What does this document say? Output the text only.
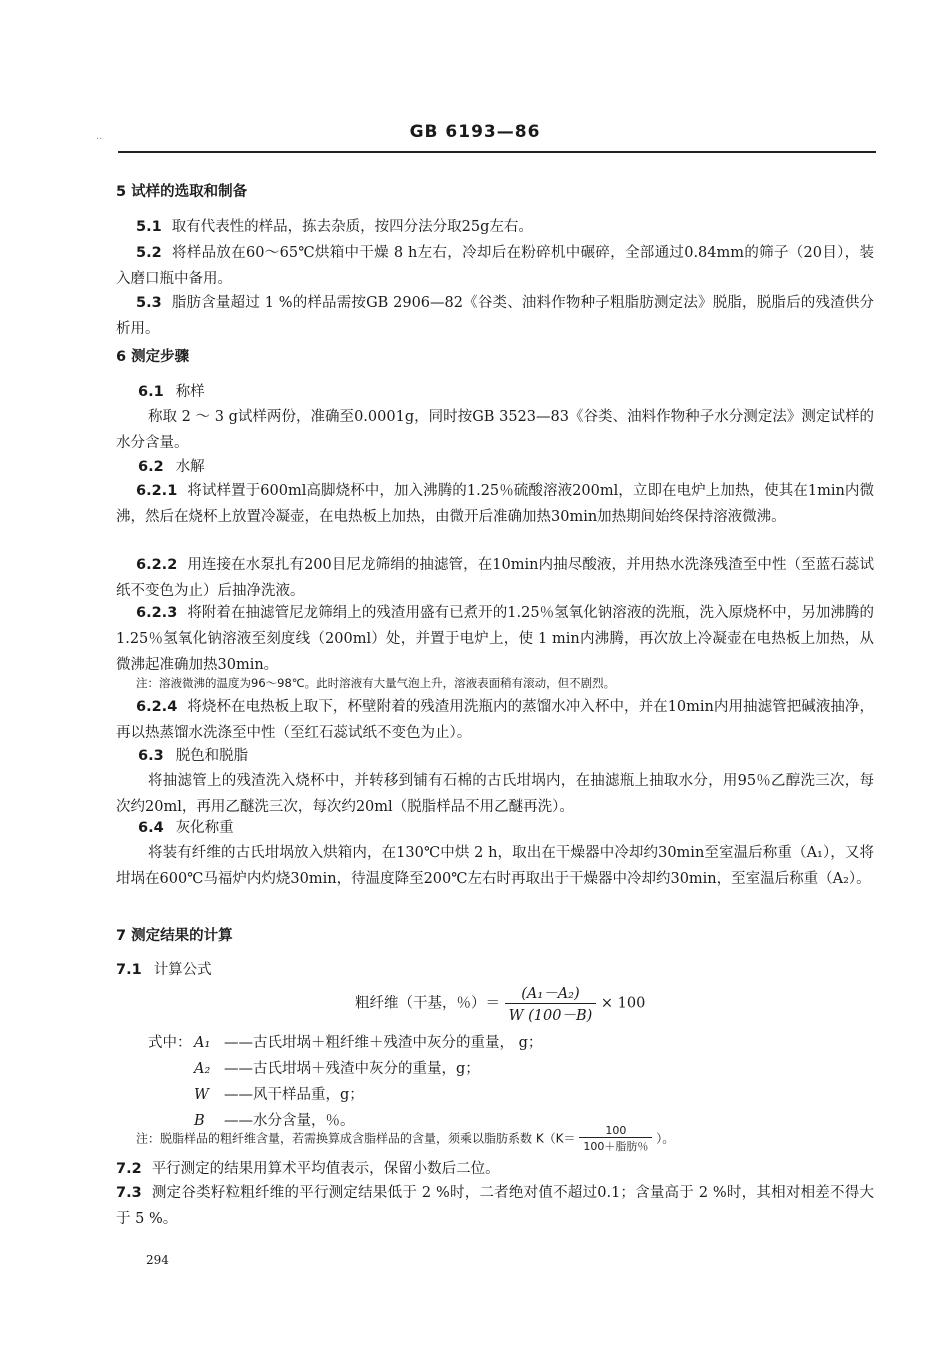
·‧	GB 6193—86
5 试样的选取和制备
5.1 取有代表性的样品，拣去杂质，按四分法分取25g左右。
5.2 将样品放在60～65℃烘箱中干燥 8 h左右，冷却后在粉碎机中碾碎，全部通过0.84mm的筛子（20目），装入磨口瓶中备用。
5.3 脂肪含量超过 1 %的样品需按GB 2906—82《谷类、油料作物种子粗脂肪测定法》脱脂，脱脂后的残渣供分析用。
6 测定步骤
6.1 称样
称取 2 ～ 3 g试样两份，准确至0.0001g，同时按GB 3523—83《谷类、油料作物种子水分测定法》测定试样的水分含量。
6.2 水解
6.2.1 将试样置于600ml高脚烧杯中，加入沸腾的1.25％硫酸溶液200ml，立即在电炉上加热，使其在1min内微沸，然后在烧杯上放置冷凝壶，在电热板上加热，由微开后准确加热30min加热期间始终保持溶液微沸。
6.2.2 用连接在水泵扎有200目尼龙筛绢的抽滤管，在10min内抽尽酸液，并用热水洗涤残渣至中性（至蓝石蕊试纸不变色为止）后抽净洗液。
6.2.3 将附着在抽滤管尼龙筛绢上的残渣用盛有已煮开的1.25％氢氧化钠溶液的洗瓶，洗入原烧杯中，另加沸腾的1.25％氢氧化钠溶液至刻度线（200ml）处，并置于电炉上，使 1 min内沸腾，再次放上冷凝壶在电热板上加热，从微沸起准确加热30min。
注：溶液微沸的温度为96～98℃。此时溶液有大量气泡上升，溶液表面稍有滚动，但不剧烈。
6.2.4 将烧杯在电热板上取下，杯壁附着的残渣用洗瓶内的蒸馏水冲入杯中，并在10min内用抽滤管把碱液抽净，再以热蒸馏水洗涤至中性（至红石蕊试纸不变色为止）。
6.3 脱色和脱脂
将抽滤管上的残渣洗入烧杯中，并转移到铺有石棉的古氏坩埚内，在抽滤瓶上抽取水分，用95％乙醇洗三次，每次约20ml，再用乙醚洗三次，每次约20ml（脱脂样品不用乙醚再洗）。
6.4 灰化称重
将装有纤维的古氏坩埚放入烘箱内，在130℃中烘 2 h，取出在干燥器中冷却约30min至室温后称重（A₁），又将坩埚在600℃马福炉内灼烧30min，待温度降至200℃左右时再取出于干燥器中冷却约30min，至室温后称重（A₂）。
7 测定结果的计算
7.1 计算公式
粗纤维（干基，％）＝ $\frac{\text{(A₁－A₂)}}{W (100-B)} \times 100$
式中： A₁ ——古氏坩埚＋粗纤维＋残渣中灰分的重量， g；
A₂ ——古氏坩埚＋残渣中灰分的重量，g；
W	——风干样品重，g；
B	——水分含量，％。
注：脱脂样品的粗纤维含量，若需换算成含脂样品的含量，须乘以脂肪系数 $K(K= \frac{100}{\text{100＋脂肪％}}$ ）。
7.2 平行测定的结果用算术平均值表示，保留小数后二位。
7.3 测定谷类籽粒粗纤维的平行测定结果低于 2 %时，二者绝对值不超过0.1；含量高于 2 %时，其相对相差不得大于 5 %。
294
